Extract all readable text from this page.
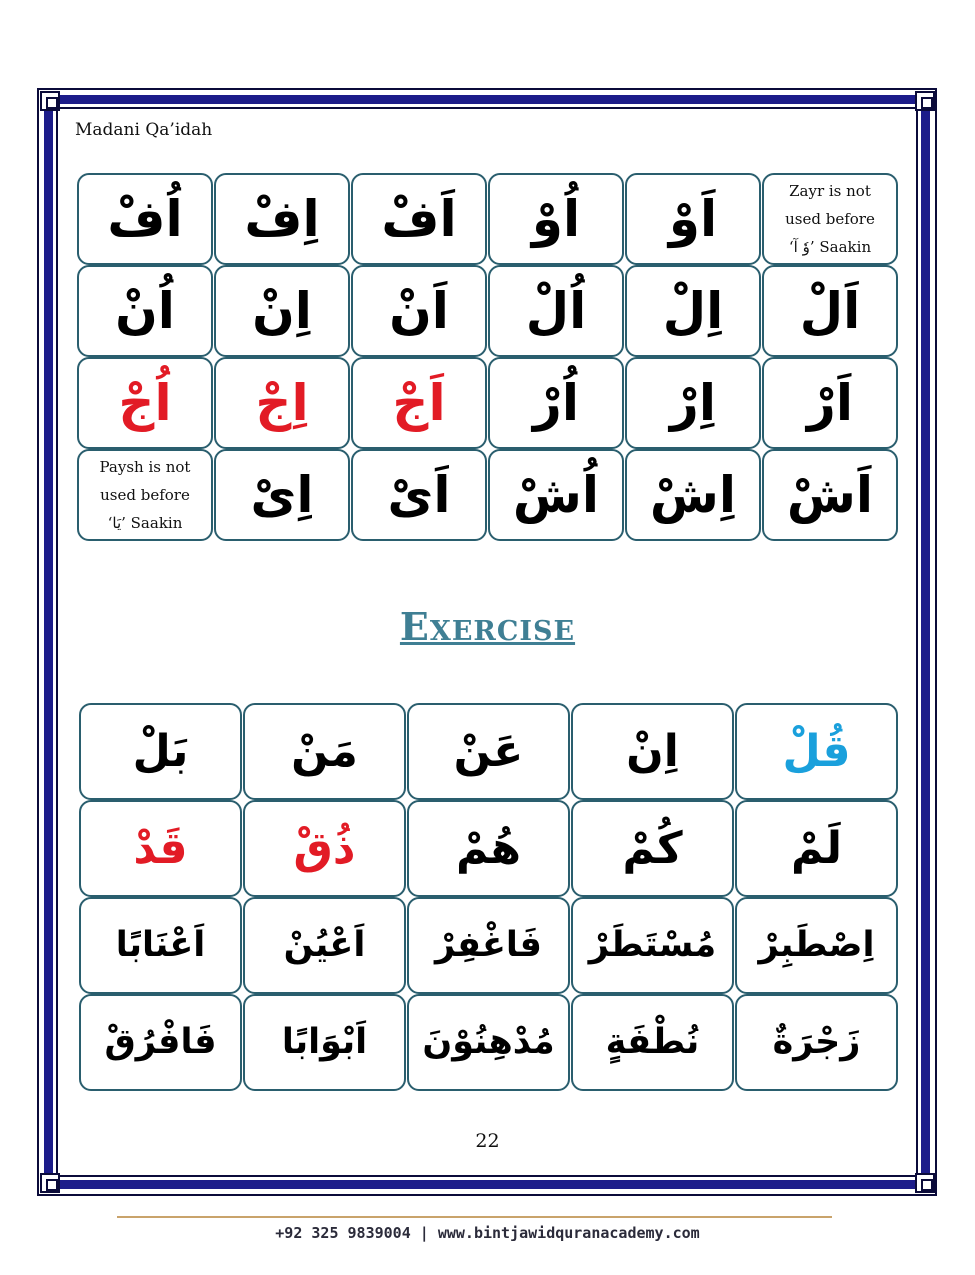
Madani Qa’idah
اُفْ اِفْ اَفْ اُوْ اَوْ	Zayr is not
used before
‘وٗ آ’ Saakin
اُنْ اِنْ اَنْ اُلْ اِلْ اَلْ
اُجْ اِجْ اَجْ اُرْ اِرْ اَرْ
Paysh is not
used before
‘یَا’ Saakin اِیْ اَیْ اُشْ اِشْ اَشْ
Exercise
بَلْ مَنْ عَنْ اِنْ قُلْ
قَدْ ذُقْ هُمْ كُمْ لَمْ
اَعْنَابًا اَعْيُنْ فَاغْفِرْ مُسْتَطَرْ اِصْطَبِرْ
فَافْرُقْ اَبْوَابًا مُدْهِنُوْنَ نُطْفَةٍ زَجْرَةٌ
22
+92 325 9839004 | www.bintjawidquranacademy.com
